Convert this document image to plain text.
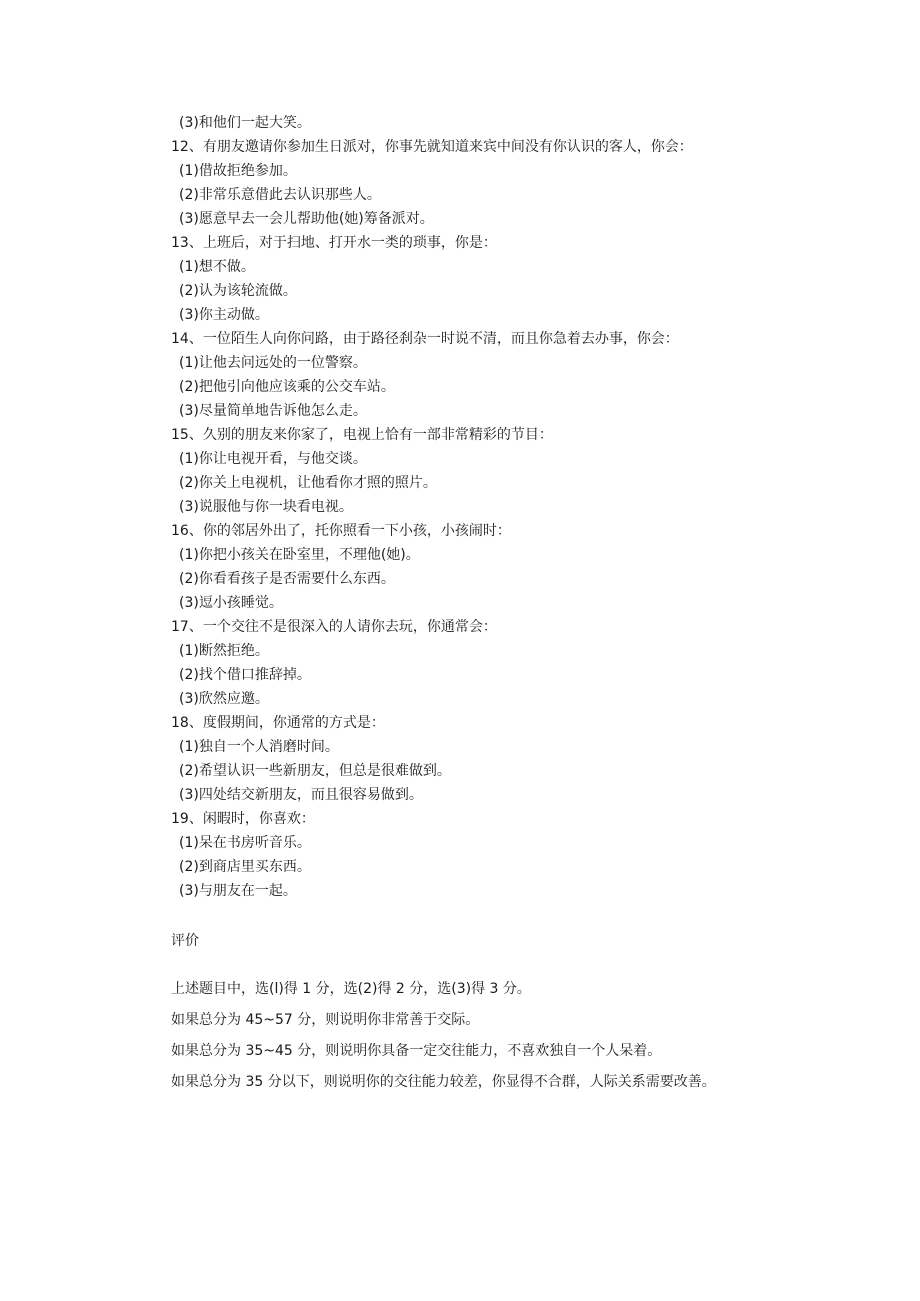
(3)和他们一起大笑。
12、有朋友邀请你参加生日派对，你事先就知道来宾中间没有你认识的客人，你会：
(1)借故拒绝参加。
(2)非常乐意借此去认识那些人。
(3)愿意早去一会儿帮助他(她)筹备派对。
13、上班后，对于扫地、打开水一类的琐事，你是：
(1)想不做。
(2)认为该轮流做。
(3)你主动做。
14、一位陌生人向你问路，由于路径刹杂一时说不清，而且你急着去办事，你会：
(1)让他去问远处的一位警察。
(2)把他引向他应该乘的公交车站。
(3)尽量简单地告诉他怎么走。
15、久别的朋友来你家了，电视上恰有一部非常精彩的节目：
(1)你让电视开看，与他交谈。
(2)你关上电视机，让他看你才照的照片。
(3)说服他与你一块看电视。
16、你的邻居外出了，托你照看一下小孩，小孩闹时：
(1)你把小孩关在卧室里，不理他(她)。
(2)你看看孩子是否需要什么东西。
(3)逗小孩睡觉。
17、一个交往不是很深入的人请你去玩，你通常会：
(1)断然拒绝。
(2)找个借口推辞掉。
(3)欣然应邀。
18、度假期间，你通常的方式是：
(1)独自一个人消磨时间。
(2)希望认识一些新朋友，但总是很难做到。
(3)四处结交新朋友，而且很容易做到。
19、闲暇时，你喜欢：
(1)呆在书房听音乐。
(2)到商店里买东西。
(3)与朋友在一起。
评价
上述题目中，选(l)得 1 分，选(2)得 2 分，选(3)得 3 分。
如果总分为 45~57 分，则说明你非常善于交际。
如果总分为 35~45 分，则说明你具备一定交往能力，不喜欢独自一个人呆着。
如果总分为 35 分以下，则说明你的交往能力较差，你显得不合群，人际关系需要改善。
